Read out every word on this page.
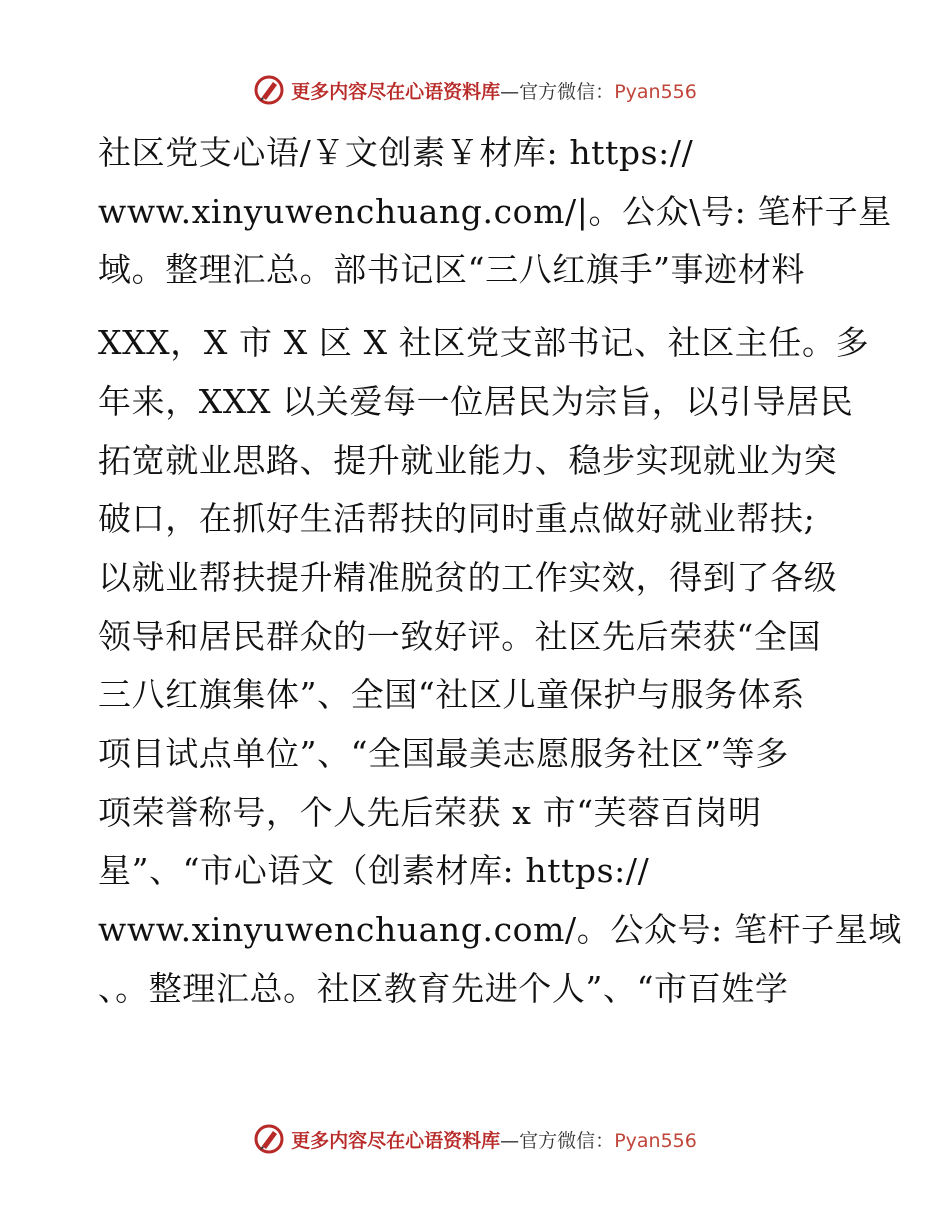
更多内容尽在心语资料库—官方微信：Pyan556

社区党支心语/￥文创素￥材库: https://

www.xinyuwenchuang.com/|。公众\号: 笔杆子星

域。整理汇总。部书记区“三八红旗手”事迹材料

XXX，X 市 X 区 X 社区党支部书记、社区主任。多

年来，XXX 以关爱每一位居民为宗旨，以引导居民

拓宽就业思路、提升就业能力、稳步实现就业为突

破口，在抓好生活帮扶的同时重点做好就业帮扶;

以就业帮扶提升精准脱贫的工作实效，得到了各级

领导和居民群众的一致好评。社区先后荣获“全国

三八红旗集体”、全国“社区儿童保护与服务体系

项目试点单位”、“全国最美志愿服务社区”等多

项荣誉称号，个人先后荣获 x 市“芙蓉百岗明

星”、“市心语文（创素材库: https://

www.xinyuwenchuang.com/。公众号: 笔杆子星域

、。整理汇总。社区教育先进个人”、“市百姓学

更多内容尽在心语资料库—官方微信：Pyan556
